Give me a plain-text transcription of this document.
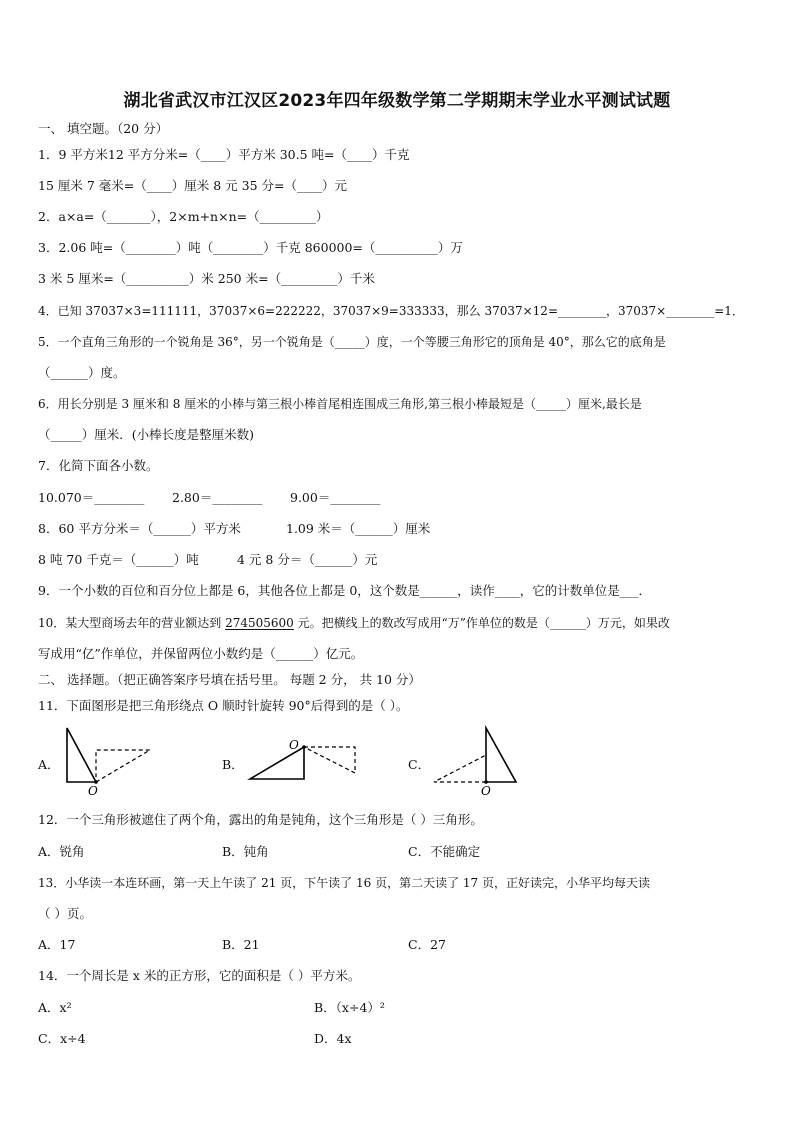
湖北省武汉市江汉区2023年四年级数学第二学期期末学业水平测试试题
一、 填空题。（20 分）
1．9 平方米12 平方分米=（____）平方米 30.5 吨=（____）千克
15 厘米 7 毫米=（____）厘米 8 元 35 分=（____）元
2．a×a=（_______），2×m+n×n=（_________）
3．2.06 吨=（________）吨（________）千克 860000=（__________）万
3 米 5 厘米=（__________）米 250 米=（_________）千米
4．已知 37037×3=111111，37037×6=222222，37037×9=333333，那么 37037×12=________，37037×________=1．
5．一个直角三角形的一个锐角是 36°，另一个锐角是（_____）度，一个等腰三角形它的顶角是 40°，那么它的底角是
（______）度。
6．用长分别是 3 厘米和 8 厘米的小棒与第三根小棒首尾相连围成三角形,第三根小棒最短是（_____）厘米,最长是
（_____）厘米．(小棒长度是整厘米数)
7．化简下面各小数。
10.070＝________ 2.80＝________ 9.00＝________
8．60 平方分米＝（______）平方米	1.09 米＝（______）厘米
8 吨 70 千克＝（______）吨	4 元 8 分＝（______）元
9．一个小数的百位和百分位上都是 6，其他各位上都是 0，这个数是______，读作____，它的计数单位是___．
10．某大型商场去年的营业额达到 274505600 元。把横线上的数改写成用“万”作单位的数是（______）万元，如果改
写成用“亿”作单位，并保留两位小数约是（______）亿元。
二、 选择题。（把正确答案序号填在括号里。 每题 2 分， 共 10 分）
11．下面图形是把三角形绕点 O 顺时针旋转 90°后得到的是（ ）。
A．
O
B．
O
C．
O
12．一个三角形被遮住了两个角，露出的角是钝角，这个三角形是（ ）三角形。
A．锐角	B．钝角	C．不能确定
13．小华读一本连环画，第一天上午读了 21 页，下午读了 16 页，第二天读了 17 页，正好读完，小华平均每天读
（ ）页。
A．17	B．21	C．27
14．一个周长是 x 米的正方形，它的面积是（ ）平方米。
A．x²	B．（x÷4）²
C．x÷4	D．4x
